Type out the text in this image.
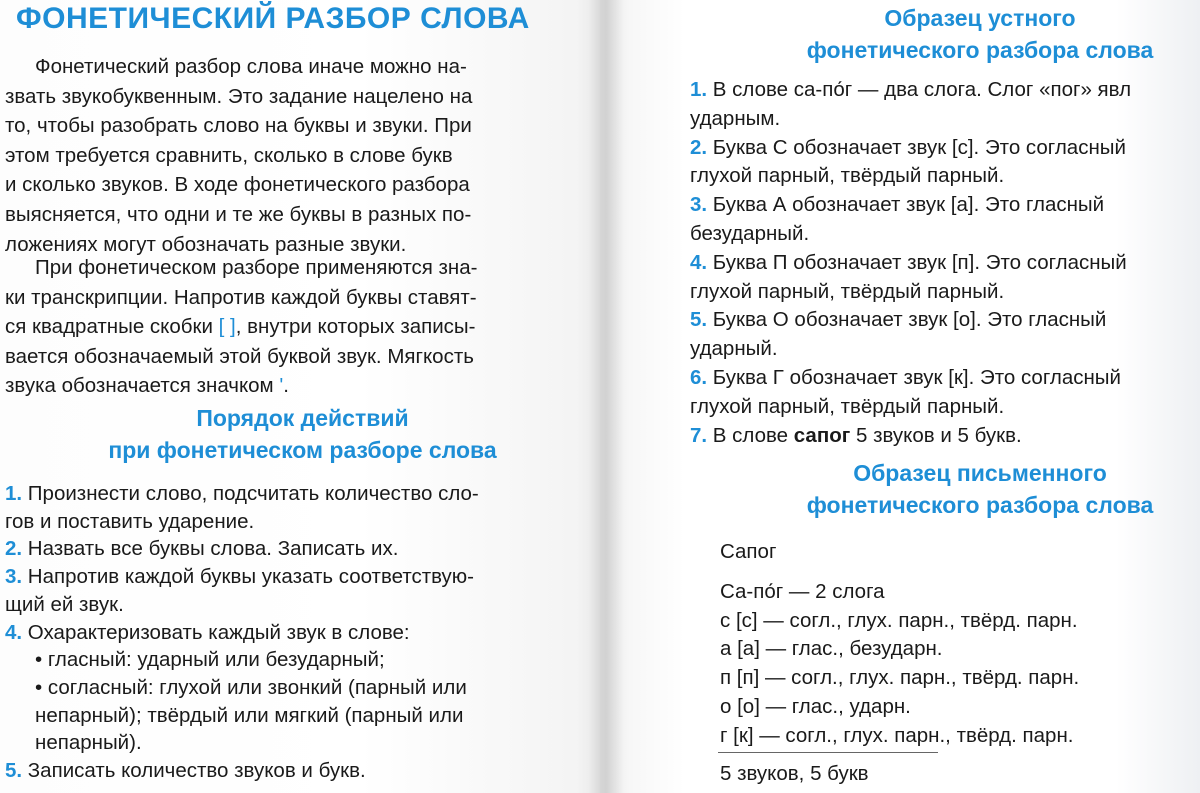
ФОНЕТИЧЕСКИЙ РАЗБОР СЛОВА

Фонетический разбор слова иначе можно на-
звать звукобуквенным. Это задание нацелено на
то, чтобы разобрать слово на буквы и звуки. При
этом требуется сравнить, сколько в слове букв
и сколько звуков. В ходе фонетического разбора
выясняется, что одни и те же буквы в разных по-
ложениях могут обозначать разные звуки.

При фонетическом разборе применяются зна-
ки транскрипции. Напротив каждой буквы ставят-
ся квадратные скобки [ ], внутри которых записы-
вается обозначаемый этой буквой звук. Мягкость
звука обозначается значком '.

Порядок действий
при фонетическом разборе слова
1. Произнести слово, подсчитать количество сло-
гов и поставить ударение.
2. Назвать все буквы слова. Записать их.
3. Напротив каждой буквы указать соответствую-
щий ей звук.
4. Охарактеризовать каждый звук в слове:
• гласный: ударный или безударный;
• согласный: глухой или звонкий (парный или
непарный); твёрдый или мягкий (парный или
непарный).
5. Записать количество звуков и букв.
Образец устного
фонетического разбора слова
1. В слове са-по́г — два слога. Слог «пог» явл
ударным.
2. Буква С обозначает звук [с]. Это согласный
глухой парный, твёрдый парный.
3. Буква А обозначает звук [а]. Это гласный
безударный.
4. Буква П обозначает звук [п]. Это согласный
глухой парный, твёрдый парный.
5. Буква О обозначает звук [о]. Это гласный
ударный.
6. Буква Г обозначает звук [к]. Это согласный
глухой парный, твёрдый парный.
7. В слове сапог 5 звуков и 5 букв.
Образец письменного
фонетического разбора слова
Сапог
Са-по́г — 2 слога
с [с] — согл., глух. парн., твёрд. парн.
а [а] — глас., безударн.
п [п] — согл., глух. парн., твёрд. парн.
о [о] — глас., ударн.
г [к] — согл., глух. парн., твёрд. парн.
5 звуков, 5 букв
